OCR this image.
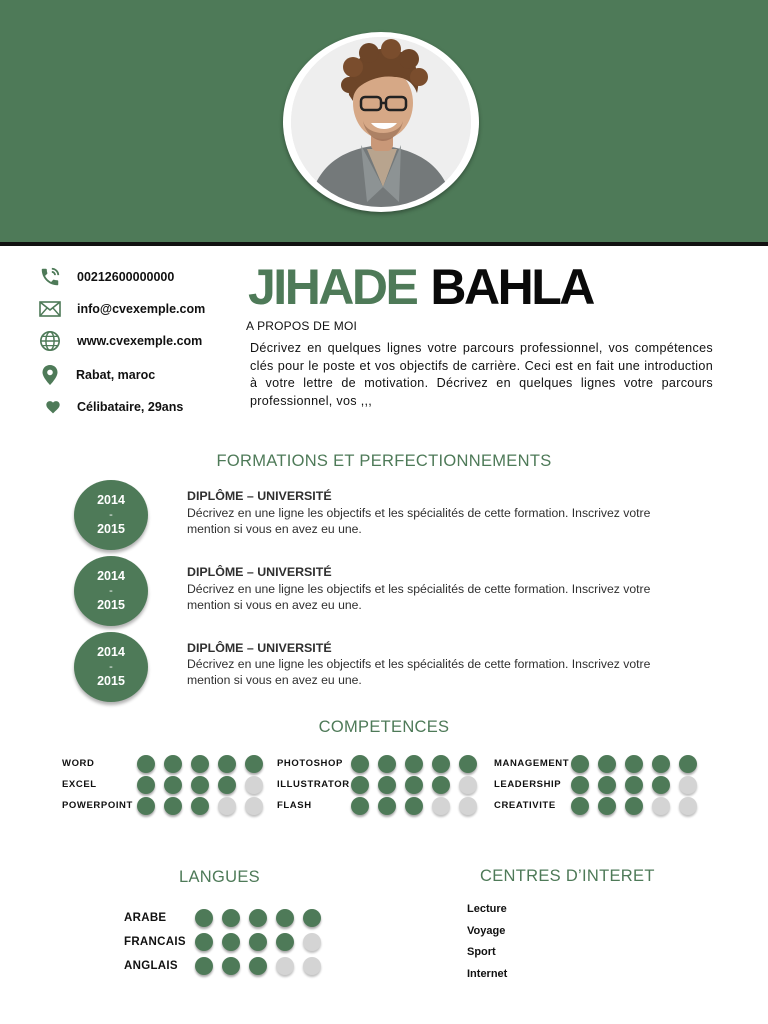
00212600000000
info@cvexemple.com
www.cvexemple.com
Rabat, maroc
Célibataire, 29ans
JIHADE BAHLA
A PROPOS DE MOI
Décrivez en quelques lignes votre parcours professionnel, vos compétences clés pour le poste et vos objectifs de carrière. Ceci est en fait une introduction à votre lettre de motivation. Décrivez en quelques lignes votre parcours professionnel, vos ,,,
FORMATIONS ET PERFECTIONNEMENTS
2014
-
2015
DIPLÔME – UNIVERSITÉ
Décrivez en une ligne les objectifs et les spécialités de cette formation. Inscrivez votre mention si vous en avez eu une.
2014
-
2015
DIPLÔME – UNIVERSITÉ
Décrivez en une ligne les objectifs et les spécialités de cette formation. Inscrivez votre mention si vous en avez eu une.
2014
-
2015
DIPLÔME – UNIVERSITÉ
Décrivez en une ligne les objectifs et les spécialités de cette formation. Inscrivez votre mention si vous en avez eu une.
COMPETENCES
WORD
EXCEL
POWERPOINT
PHOTOSHOP
ILLUSTRATOR
FLASH
MANAGEMENT
LEADERSHIP
CREATIVITE
LANGUES
ARABE
FRANCAIS
ANGLAIS
CENTRES D’INTERET
Lecture
Voyage
Sport
Internet
